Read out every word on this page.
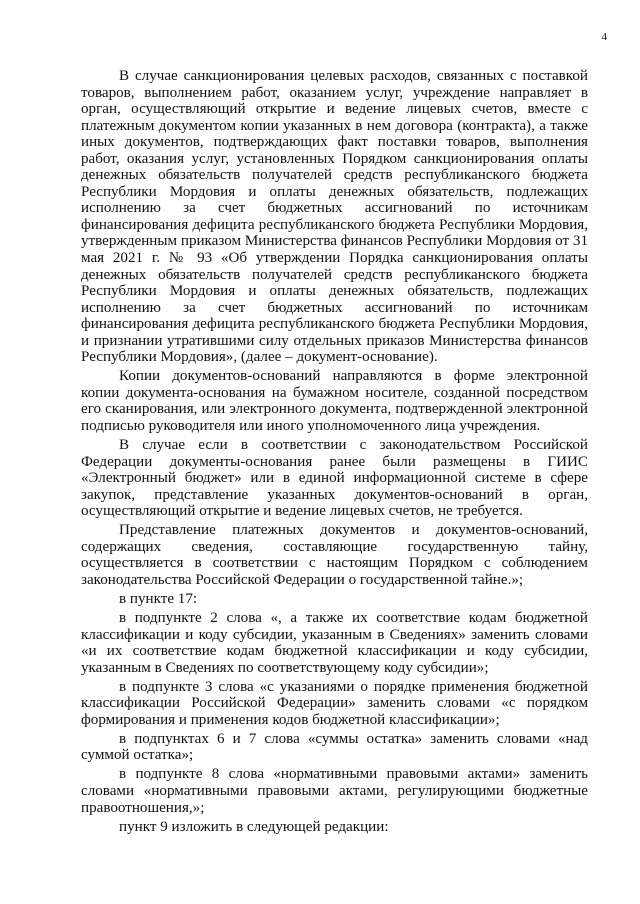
4

В случае санкционирования целевых расходов, связанных с поставкой товаров, выполнением работ, оказанием услуг, учреждение направляет в орган, осуществляющий открытие и ведение лицевых счетов, вместе с платежным документом копии указанных в нем договора (контракта), а также иных документов, подтверждающих факт поставки товаров, выполнения работ, оказания услуг, установленных Порядком санкционирования оплаты денежных обязательств получателей средств республиканского бюджета Республики Мордовия и оплаты денежных обязательств, подлежащих исполнению за счет бюджетных ассигнований по источникам финансирования дефицита республиканского бюджета Республики Мордовия, утвержденным приказом Министерства финансов Республики Мордовия от 31 мая 2021 г. № 93 «Об утверждении Порядка санкционирования оплаты денежных обязательств получателей средств республиканского бюджета Республики Мордовия и оплаты денежных обязательств, подлежащих исполнению за счет бюджетных ассигнований по источникам финансирования дефицита республиканского бюджета Республики Мордовия, и признании утратившими силу отдельных приказов Министерства финансов Республики Мордовия», (далее – документ-основание).

Копии документов-оснований направляются в форме электронной копии документа-основания на бумажном носителе, созданной посредством его сканирования, или электронного документа, подтвержденной электронной подписью руководителя или иного уполномоченного лица учреждения.

В случае если в соответствии с законодательством Российской Федерации документы-основания ранее были размещены в ГИИС «Электронный бюджет» или в единой информационной системе в сфере закупок, представление указанных документов-оснований в орган, осуществляющий открытие и ведение лицевых счетов, не требуется.

Представление платежных документов и документов-оснований, содержащих сведения, составляющие государственную тайну, осуществляется в соответствии с настоящим Порядком с соблюдением законодательства Российской Федерации о государственной тайне.»;

в пункте 17:

в подпункте 2 слова «, а также их соответствие кодам бюджетной классификации и коду субсидии, указанным в Сведениях» заменить словами «и их соответствие кодам бюджетной классификации и коду субсидии, указанным в Сведениях по соответствующему коду субсидии»;

в подпункте 3 слова «с указаниями о порядке применения бюджетной классификации Российской Федерации» заменить словами «с порядком формирования и применения кодов бюджетной классификации»;

в подпунктах 6 и 7 слова «суммы остатка» заменить словами «над суммой остатка»;

в подпункте 8 слова «нормативными правовыми актами» заменить словами «нормативными правовыми актами, регулирующими бюджетные правоотношения,»;

пункт 9 изложить в следующей редакции:
